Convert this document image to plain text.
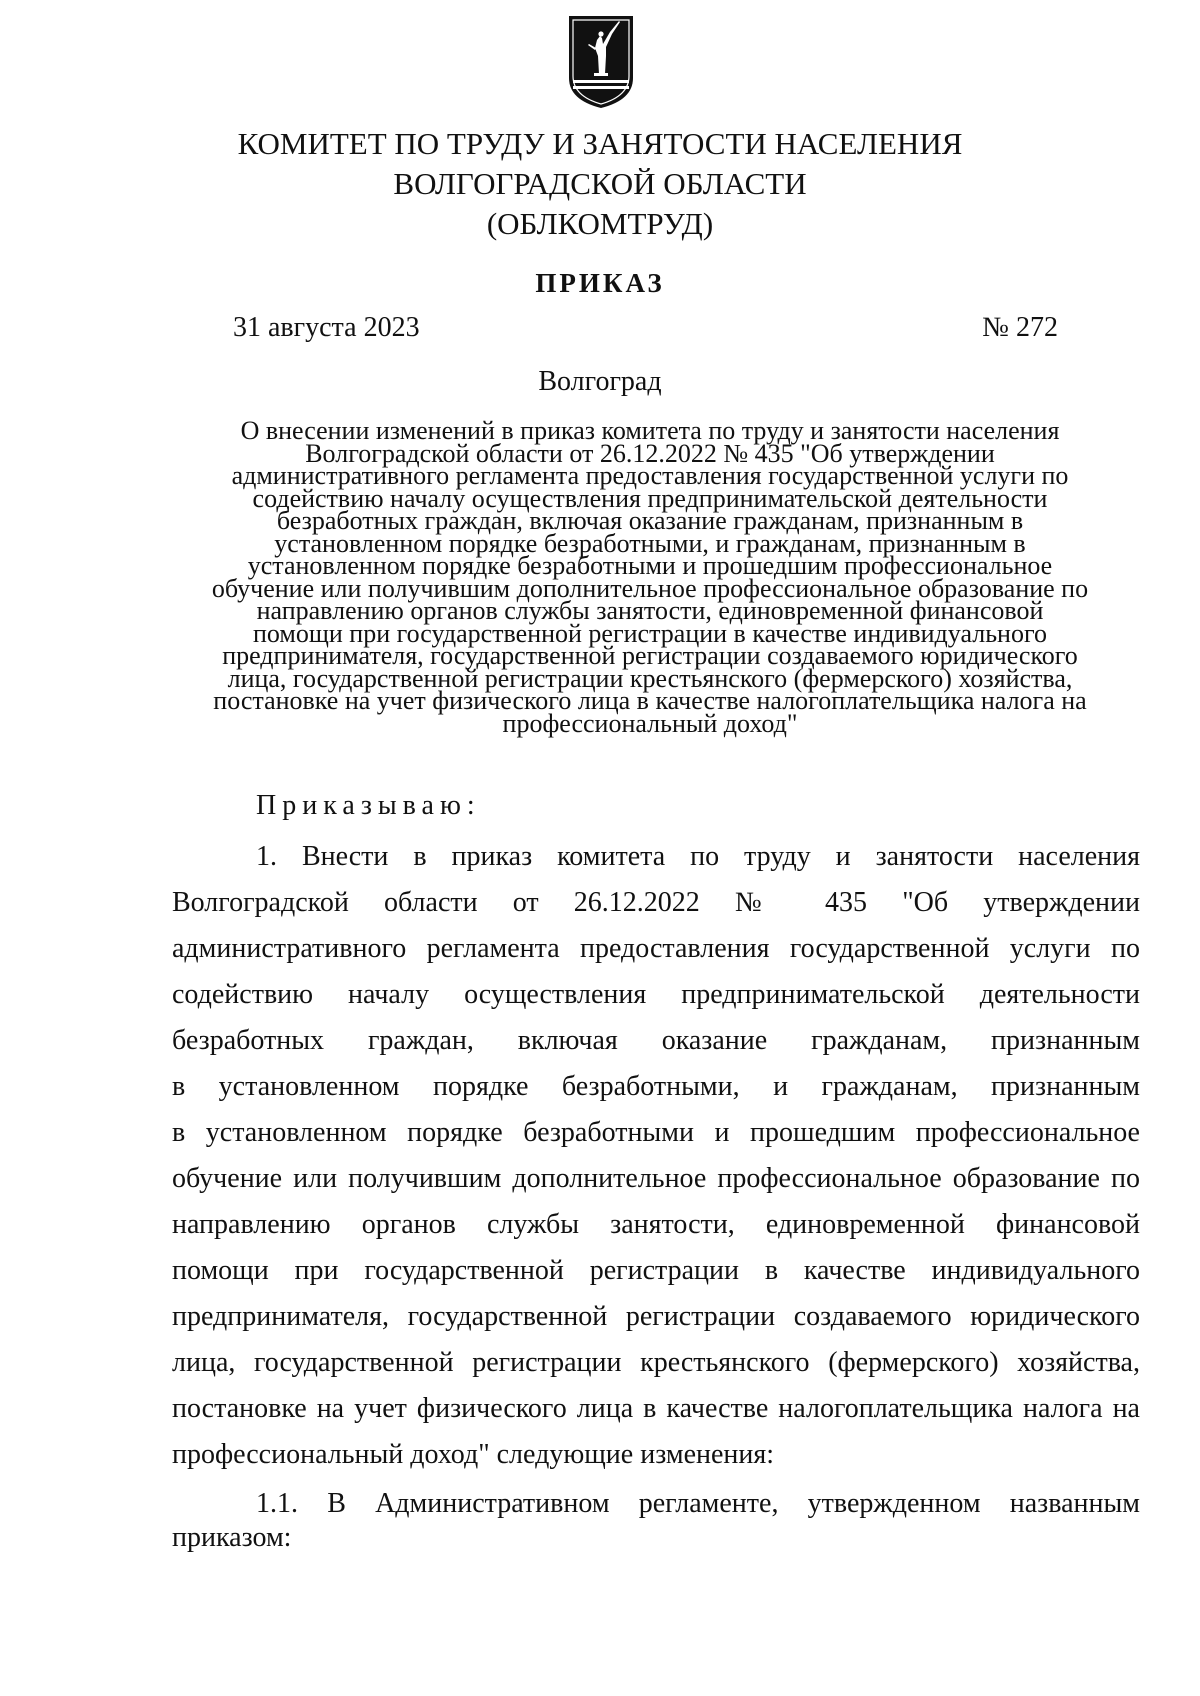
КОМИТЕТ ПО ТРУДУ И ЗАНЯТОСТИ НАСЕЛЕНИЯ
ВОЛГОГРАДСКОЙ ОБЛАСТИ
(ОБЛКОМТРУД)
ПРИКАЗ
31 августа 2023	№ 272
Волгоград
О внесении изменений в приказ комитета по труду и занятости населения
Волгоградской области от 26.12.2022 № 435 "Об утверждении
административного регламента предоставления государственной услуги по
содействию началу осуществления предпринимательской деятельности
безработных граждан, включая оказание гражданам, признанным в
установленном порядке безработными, и гражданам, признанным в
установленном порядке безработными и прошедшим профессиональное
обучение или получившим дополнительное профессиональное образование по
направлению органов службы занятости, единовременной финансовой
помощи при государственной регистрации в качестве индивидуального
предпринимателя, государственной регистрации создаваемого юридического
лица, государственной регистрации крестьянского (фермерского) хозяйства,
постановке на учет физического лица в качестве налогоплательщика налога на
профессиональный доход"
Приказываю:
1. Внести в приказ комитета по труду и занятости населения
Волгоградской области от 26.12.2022 № 435 "Об утверждении
административного регламента предоставления государственной услуги по
содействию началу осуществления предпринимательской деятельности
безработных граждан, включая оказание гражданам, признанным
в установленном порядке безработными, и гражданам, признанным
в установленном порядке безработными и прошедшим профессиональное
обучение или получившим дополнительное профессиональное образование по
направлению органов службы занятости, единовременной финансовой
помощи при государственной регистрации в качестве индивидуального
предпринимателя, государственной регистрации создаваемого юридического
лица, государственной регистрации крестьянского (фермерского) хозяйства,
постановке на учет физического лица в качестве налогоплательщика налога на
профессиональный доход" следующие изменения:
1.1. В Административном регламенте, утвержденном названным
приказом:
